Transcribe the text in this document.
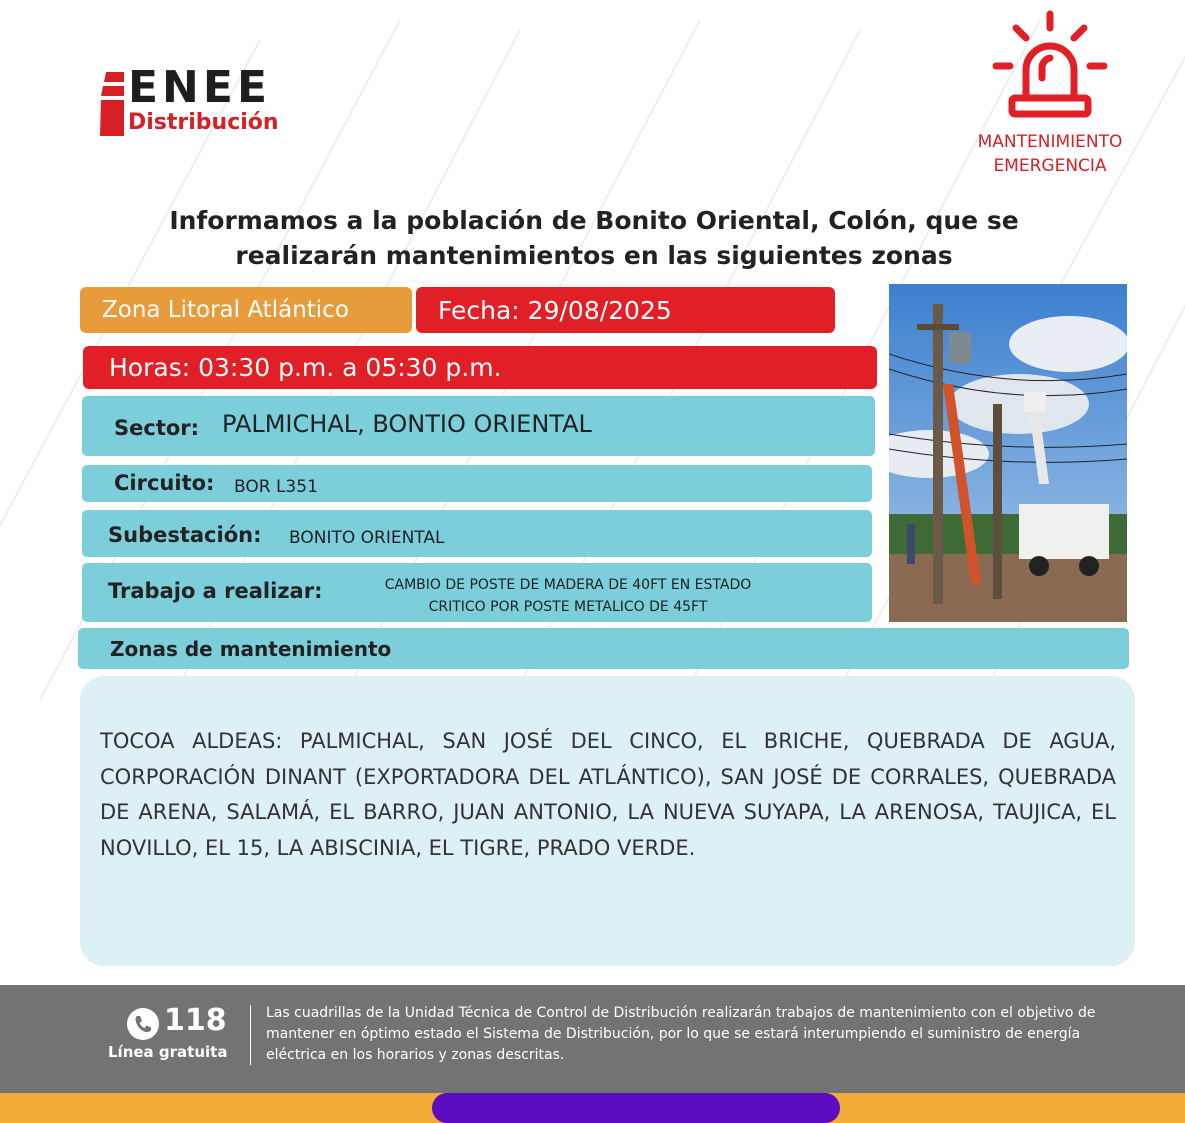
ENEE
Distribución
MANTENIMIENTO
EMERGENCIA
Informamos a la población de Bonito Oriental, Colón, que se
realizarán mantenimientos en las siguientes zonas
Zona Litoral Atlántico	Fecha: 29/08/2025
Horas: 03:30 p.m. a 05:30 p.m.
Sector: PALMICHAL, BONTIO ORIENTAL
Circuito: BOR L351
Subestación: BONITO ORIENTAL
Trabajo a realizar:	CAMBIO DE POSTE DE MADERA DE 40FT EN ESTADO
CRITICO POR POSTE METALICO DE 45FT
Zonas de mantenimiento
TOCOA ALDEAS: PALMICHAL, SAN JOSÉ DEL CINCO, EL BRICHE, QUEBRADA DE AGUA, CORPORACIÓN DINANT (EXPORTADORA DEL ATLÁNTICO), SAN JOSÉ DE CORRALES, QUEBRADA DE ARENA, SALAMÁ, EL BARRO, JUAN ANTONIO, LA NUEVA SUYAPA, LA ARENOSA, TAUJICA, EL NOVILLO, EL 15, LA ABISCINIA, EL TIGRE, PRADO VERDE.
118
Línea gratuita
Las cuadrillas de la Unidad Técnica de Control de Distribución realizarán trabajos de mantenimiento con el objetivo de mantener en óptimo estado el Sistema de Distribución, por lo que se estará interumpiendo el suministro de energía eléctrica en los horarios y zonas descritas.
